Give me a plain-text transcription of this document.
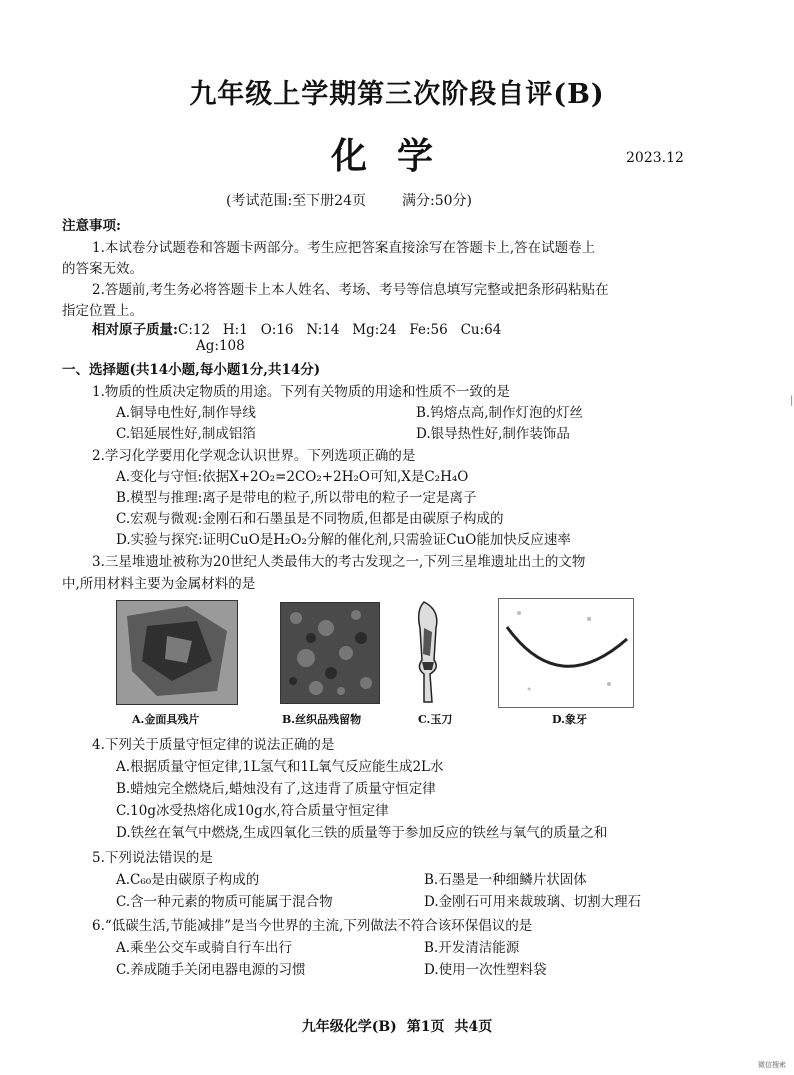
九年级上学期第三次阶段自评(B)
化学	2023.12
(考试范围:至下册24页	满分:50分)
注意事项:
1.本试卷分试题卷和答题卡两部分。考生应把答案直接涂写在答题卡上,答在试题卷上
的答案无效。
2.答题前,考生务必将答题卡上本人姓名、考场、考号等信息填写完整或把条形码粘贴在
指定位置上。
相对原子质量:C:12   H:1   O:16   N:14   Mg:24   Fe:56   Cu:64
Ag:108
一、选择题(共14小题,每小题1分,共14分)
1.物质的性质决定物质的用途。下列有关物质的用途和性质不一致的是
A.铜导电性好,制作导线	B.钨熔点高,制作灯泡的灯丝
C.铝延展性好,制成铝箔	D.银导热性好,制作装饰品
2.学习化学要用化学观念认识世界。下列选项正确的是
A.变化与守恒:依据X+2O₂=2CO₂+2H₂O可知,X是C₂H₄O
B.模型与推理:离子是带电的粒子,所以带电的粒子一定是离子
C.宏观与微观:金刚石和石墨虽是不同物质,但都是由碳原子构成的
D.实验与探究:证明CuO是H₂O₂分解的催化剂,只需验证CuO能加快反应速率
3.三星堆遗址被称为20世纪人类最伟大的考古发现之一,下列三星堆遗址出土的文物
中,所用材料主要为金属材料的是
A.金面具残片	B.丝织品残留物	C.玉刀	D.象牙
4.下列关于质量守恒定律的说法正确的是
A.根据质量守恒定律,1L氢气和1L氧气反应能生成2L水
B.蜡烛完全燃烧后,蜡烛没有了,这违背了质量守恒定律
C.10g冰受热熔化成10g水,符合质量守恒定律
D.铁丝在氧气中燃烧,生成四氧化三铁的质量等于参加反应的铁丝与氧气的质量之和
5.下列说法错误的是
A.C₆₀是由碳原子构成的	B.石墨是一种细鳞片状固体
C.含一种元素的物质可能属于混合物	D.金刚石可用来裁玻璃、切割大理石
6.“低碳生活,节能减排”是当今世界的主流,下列做法不符合该环保倡议的是
A.乘坐公交车或骑自行车出行	B.开发清洁能源
C.养成随手关闭电器电源的习惯	D.使用一次性塑料袋
九年级化学(B) 第1页 共4页
微信搜索
|
